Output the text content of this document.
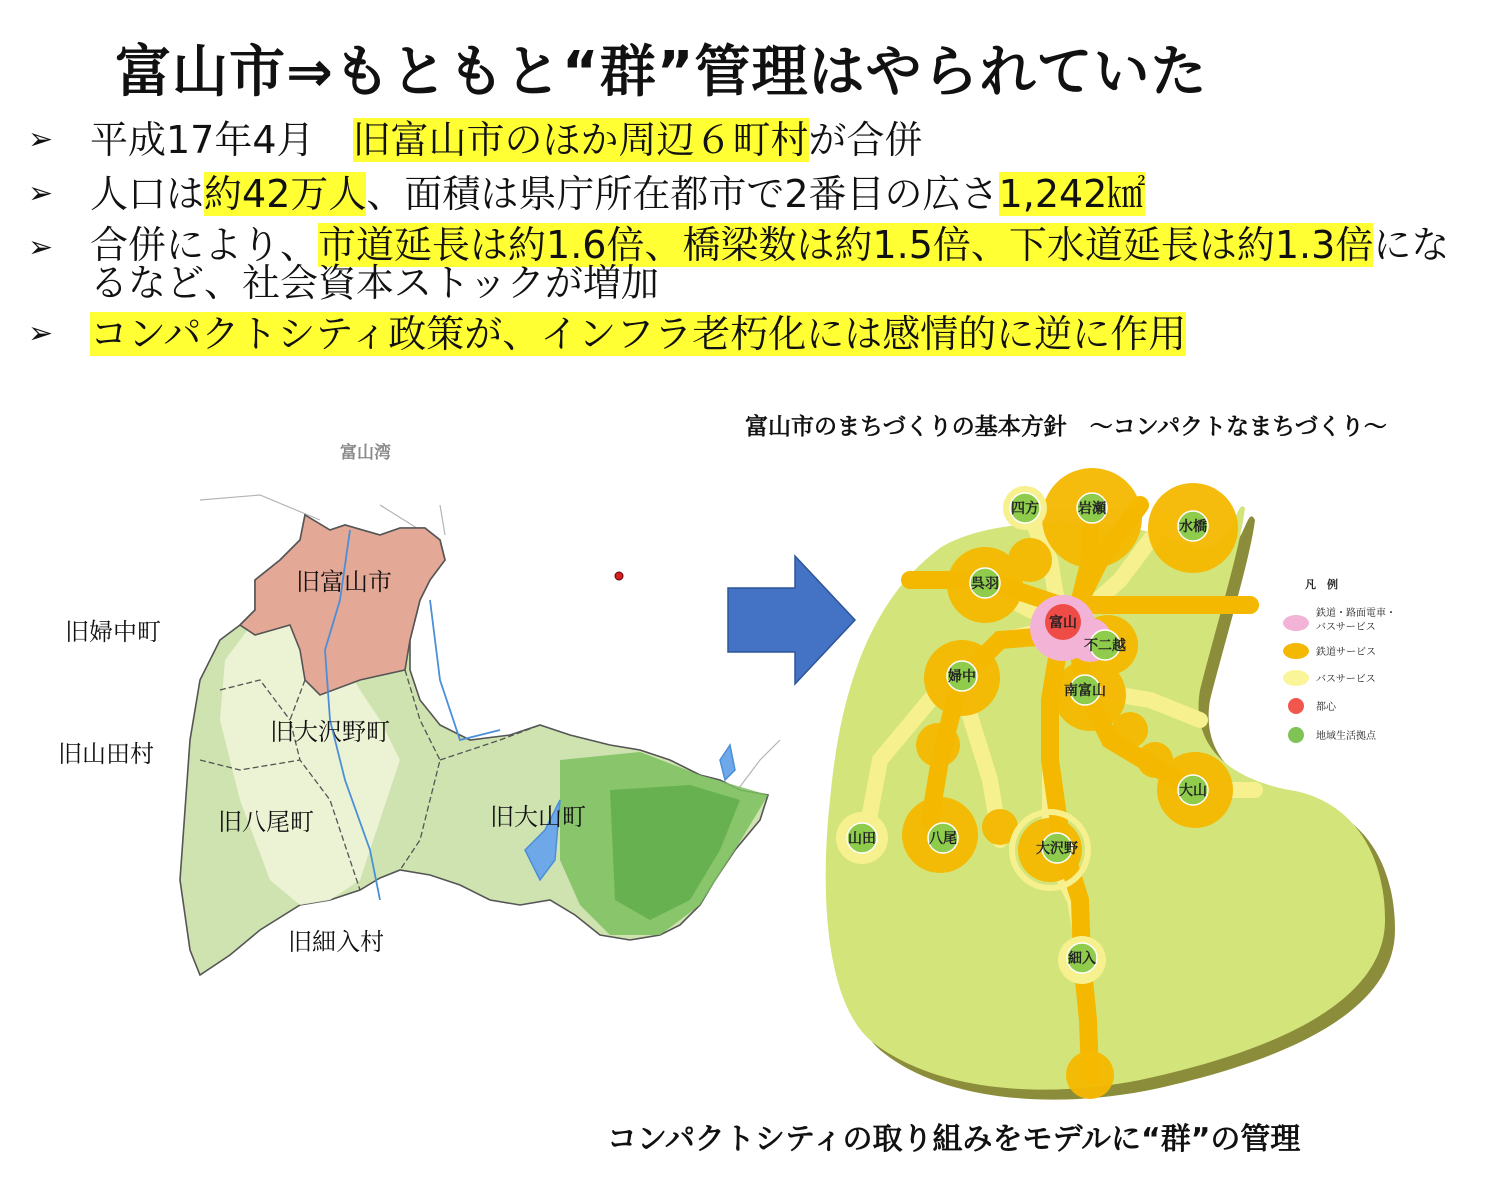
富山市⇒もともと“群”管理はやられていた
➢ 平成17年4月　旧富山市のほか周辺６町村が合併
➢ 人口は約42万人、面積は県庁所在都市で2番目の広さ1,242㎢
➢ 合併により、市道延長は約1.6倍、橋梁数は約1.5倍、下水道延長は約1.3倍になるなど、社会資本ストックが増加
➢ コンパクトシティ政策が、インフラ老朽化には感情的に逆に作用
富山湾
旧富山市
旧婦中町
旧山田村
旧大沢野町
旧八尾町	旧大山町
旧細入村
四方	岩瀬
水橋
呉羽
富山
不二越
婦中
南富山
大山
山田	八尾
大沢野
細入
凡　例
鉄道・路面電車・
バスサービス
鉄道サービス
バスサービス
都心
地域生活拠点
富山市のまちづくりの基本方針　～コンパクトなまちづくり～
コンパクトシティの取り組みをモデルに“群”の管理
